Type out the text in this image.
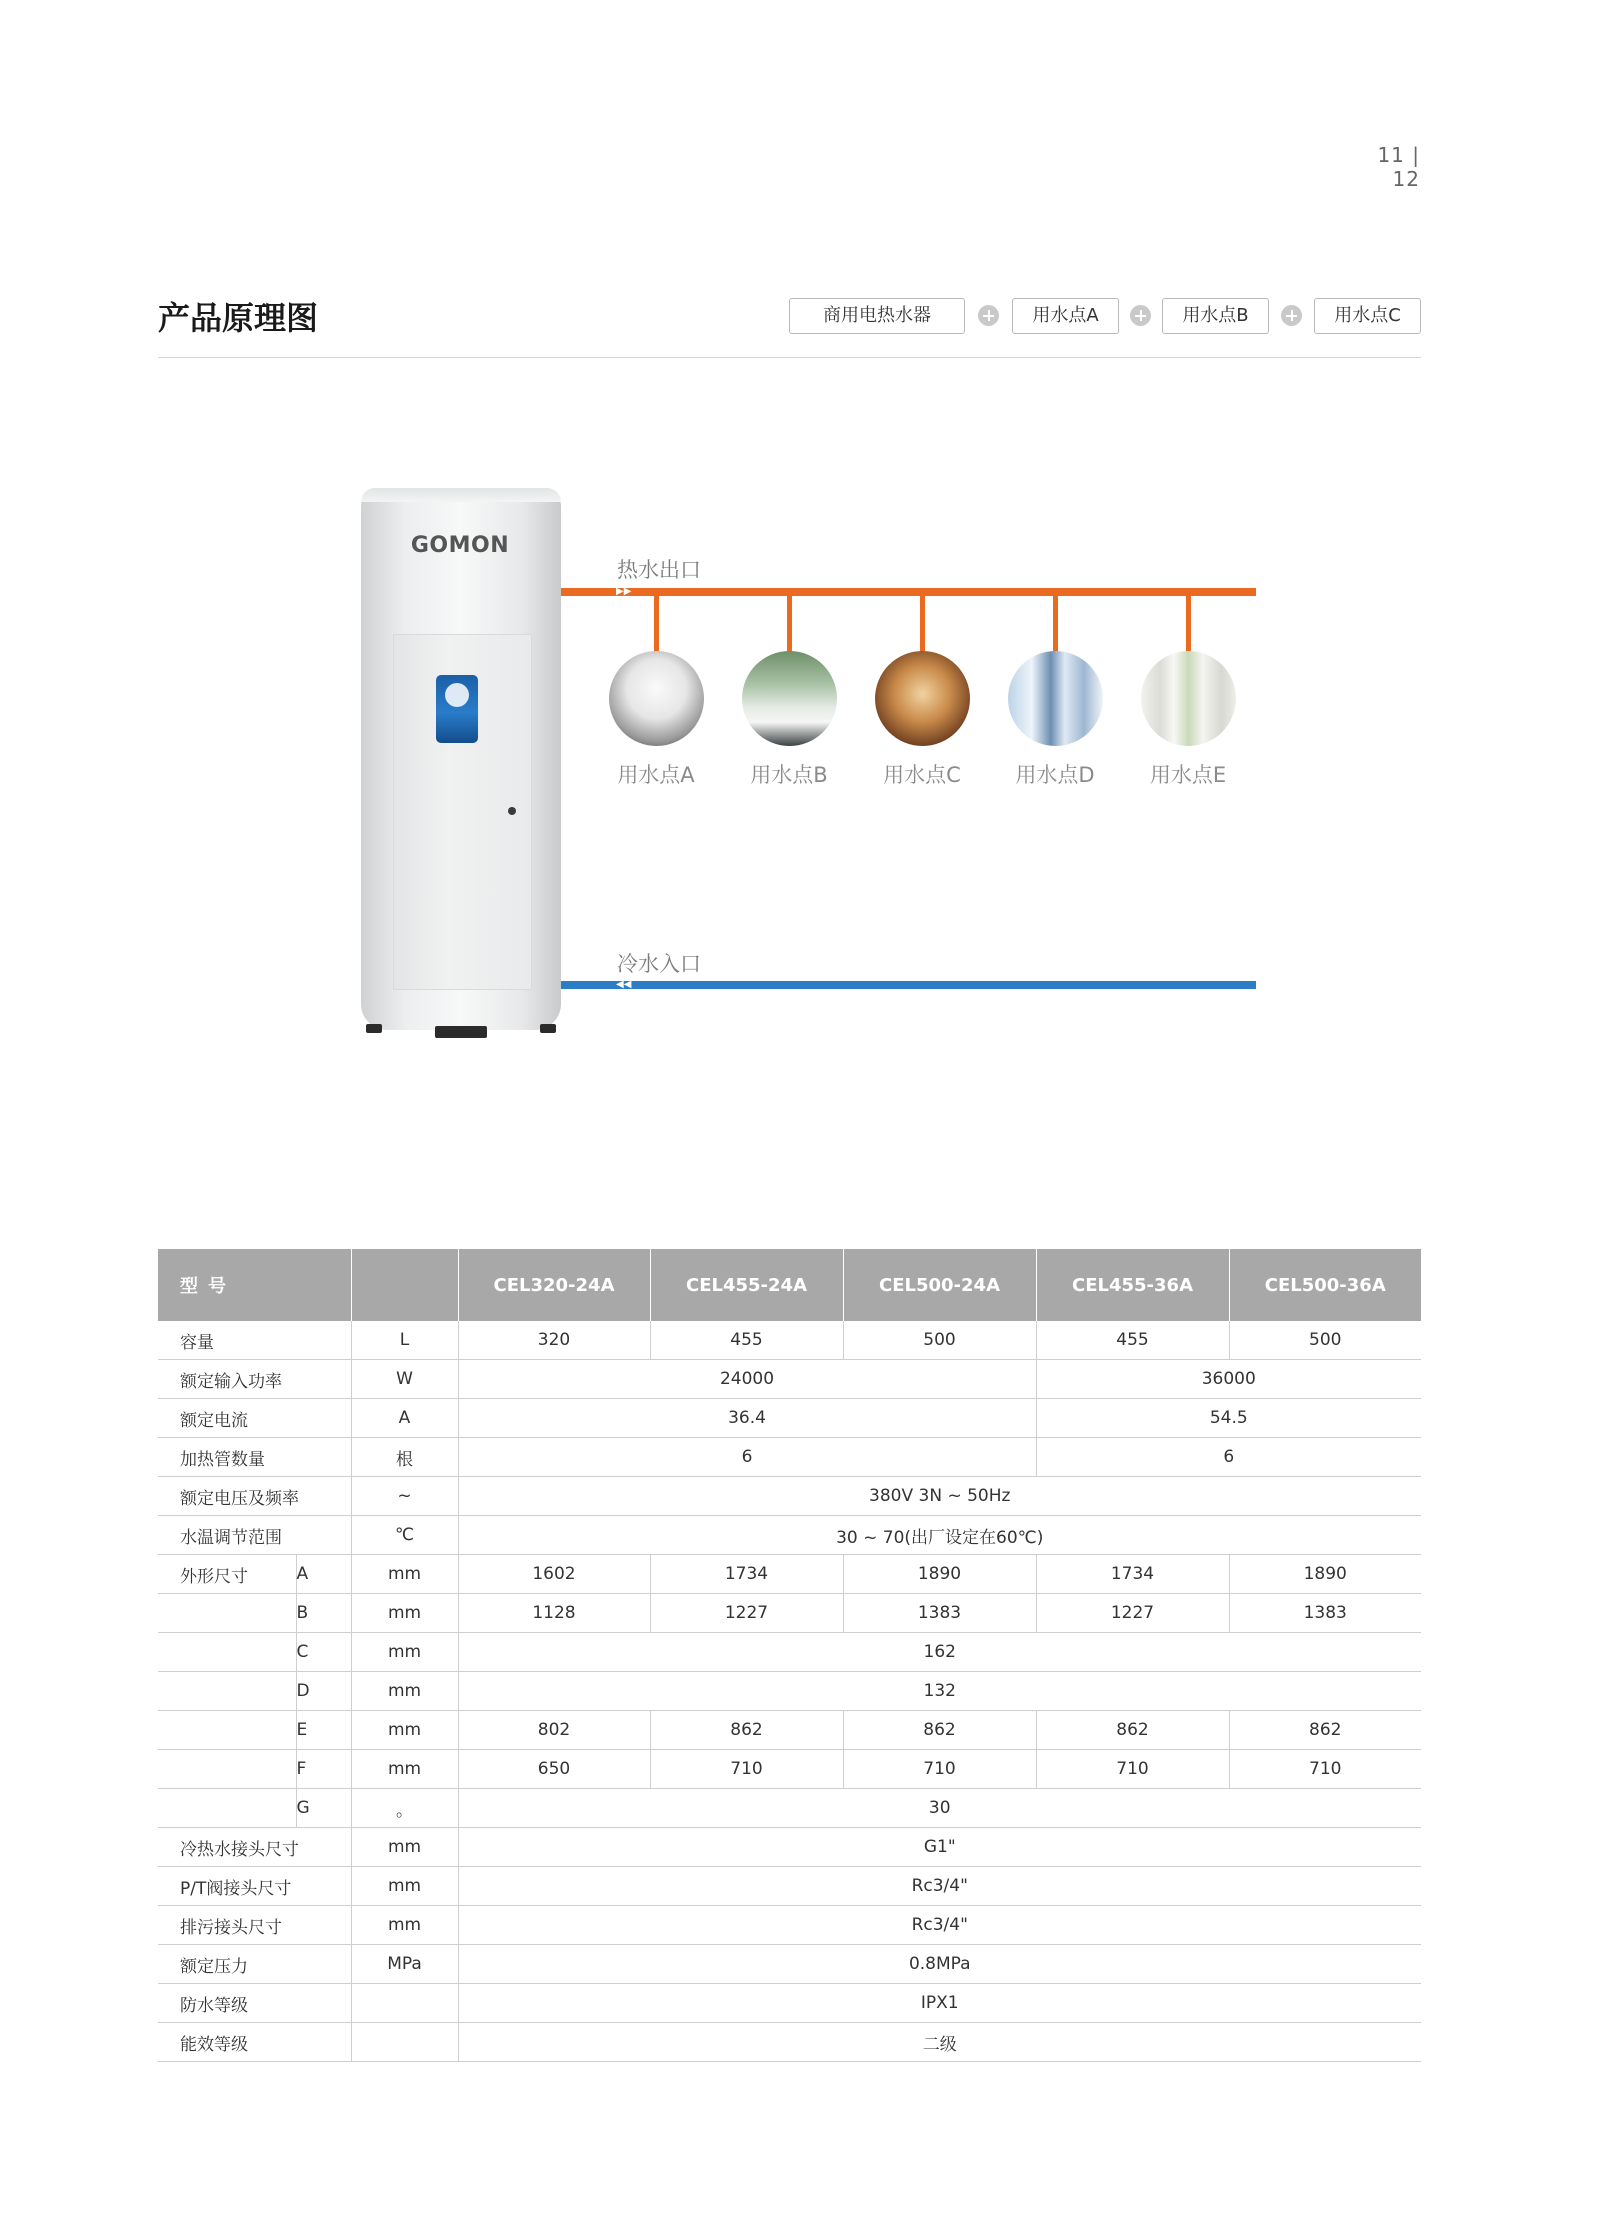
11 | 12
产品原理图	商用电热水器	用水点A	用水点B	用水点C
GOMON
热水出口
▶▶
用水点A	用水点B	用水点C	用水点D	用水点E
冷水入口
◀◀
型号			CEL320-24A	CEL455-24A	CEL500-24A	CEL455-36A	CEL500-36A
容量		L	320	455	500	455	500
额定输入功率		W	24000			36000	
额定电流		A	36.4			54.5	
加热管数量		根	6			6	
额定电压及频率		~	380V 3N ~ 50Hz				
水温调节范围		℃	30 ~ 70(出厂设定在60℃)				
外形尺寸	A	mm	1602	1734	1890	1734	1890
	B	mm	1128	1227	1383	1227	1383
	C	mm	162				
	D	mm	132				
	E	mm	802	862	862	862	862
	F	mm	650	710	710	710	710
	G	。	30				
冷热水接头尺寸		mm	G1"				
P/T阀接头尺寸		mm	Rc3/4"				
排污接头尺寸		mm	Rc3/4"				
额定压力		MPa	0.8MPa				
防水等级			IPX1				
能效等级			二级				
